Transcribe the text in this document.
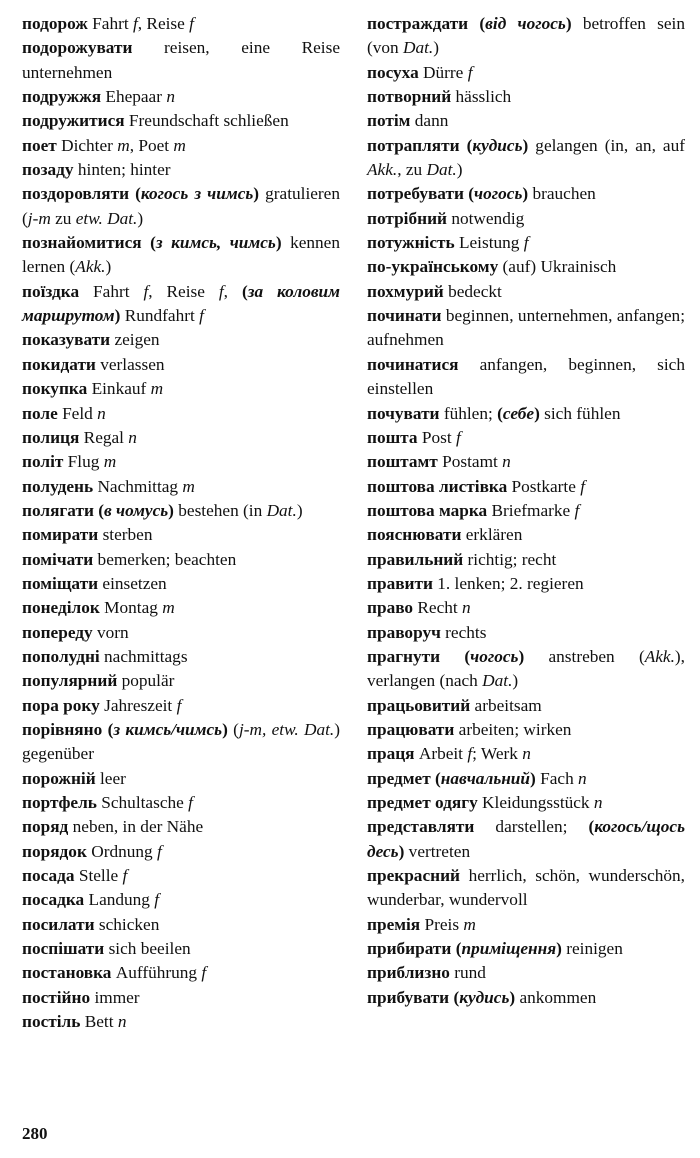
подорож Fahrt f, Reise f

подорожувати reisen, eine Reise unternehmen

подружжя Ehepaar n

подружитися Freundschaft schließen

поет Dichter m, Poet m

позаду hinten; hinter

поздоровляти (когось з чимсь) gratulieren (j-m zu etw. Dat.)

познайомитися (з кимсь, чимсь) kennen lernen (Akk.)

поїздка Fahrt f, Reise f, (за коловим маршрутом) Rundfahrt f

показувати zeigen

покидати verlassen

покупка Einkauf m

поле Feld n

полиця Regal n

політ Flug m

полудень Nachmittag m

полягати (в чомусь) bestehen (in Dat.)

помирати sterben

помічати bemerken; beachten

поміщати einsetzen

понеділок Montag m

попереду vorn

пополудні nachmittags

популярний populär

пора року Jahreszeit f

порівняно (з кимсь/чимсь) (j-m, etw. Dat.) gegenüber

порожній leer

портфель Schultasche f

поряд neben, in der Nähe

порядок Ordnung f

посада Stelle f

посадка Landung f

посилати schicken

поспішати sich beeilen

постановка Aufführung f

постійно immer

постіль Bett n

постраждати (від чогось) betroffen sein (von Dat.)

посуха Dürre f

потворний hässlich

потім dann

потрапляти (кудись) gelangen (in, an, auf Akk., zu Dat.)

потребувати (чогось) brauchen

потрібний notwendig

потужність Leistung f

по-українському (auf) Ukrainisch

похмурий bedeckt

починати beginnen, unternehmen, anfangen; aufnehmen

починатися anfangen, beginnen, sich einstellen

почувати fühlen; (себе) sich fühlen

пошта Post f

поштамт Postamt n

поштова листівка Postkarte f

поштова марка Briefmarke f

пояснювати erklären

правильний richtig; recht

правити 1. lenken; 2. regieren

право Recht n

праворуч rechts

прагнути (чогось) anstreben (Akk.), verlangen (nach Dat.)

працьовитий arbeitsam

працювати arbeiten; wirken

праця Arbeit f; Werk n

предмет (навчальний) Fach n

предмет одягу Kleidungsstück n

представляти darstellen; (когось/щось десь) vertreten

прекрасний herrlich, schön, wunderschön, wunderbar, wundervoll

премія Preis m

прибирати (приміщення) reinigen

приблизно rund

прибувати (кудись) ankommen

280
